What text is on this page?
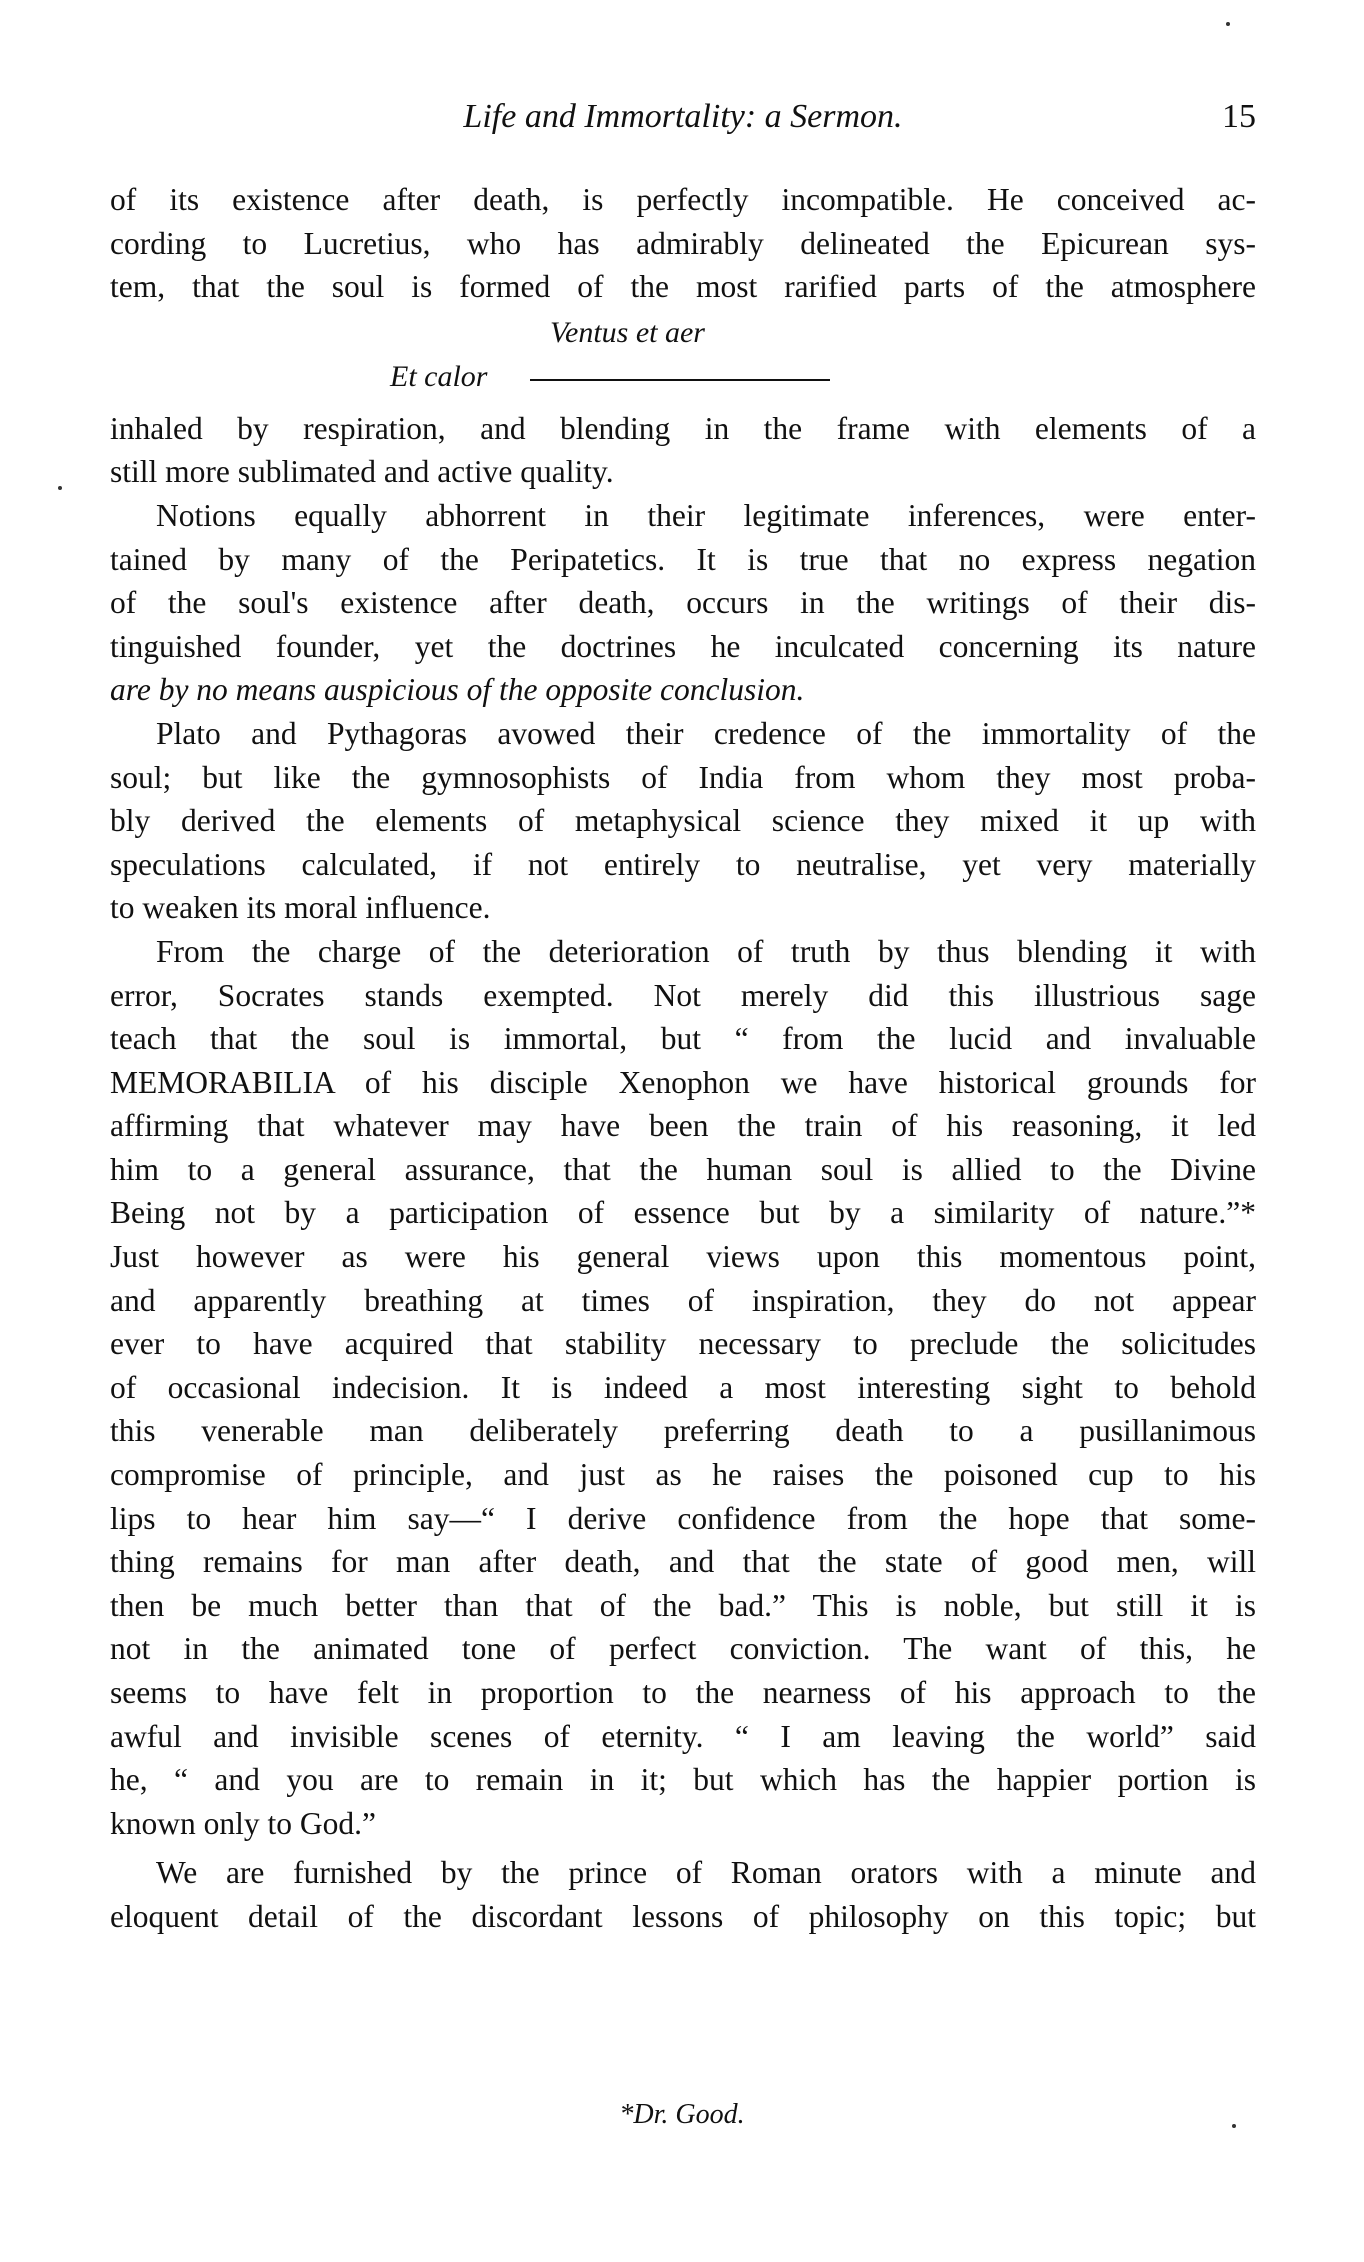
Life and Immortality: a Sermon.	15
of its existence after death, is perfectly incompatible. He conceived ac-
cording to Lucretius, who has admirably delineated the Epicurean sys-
tem, that the soul is formed of the most rarified parts of the atmosphere
Ventus et aer
Et calor
inhaled by respiration, and blending in the frame with elements of a
still more sublimated and active quality.
Notions equally abhorrent in their legitimate inferences, were enter-
tained by many of the Peripatetics. It is true that no express negation
of the soul's existence after death, occurs in the writings of their dis-
tinguished founder, yet the doctrines he inculcated concerning its nature
are by no means auspicious of the opposite conclusion.
Plato and Pythagoras avowed their credence of the immortality of the
soul; but like the gymnosophists of India from whom they most proba-
bly derived the elements of metaphysical science they mixed it up with
speculations calculated, if not entirely to neutralise, yet very materially
to weaken its moral influence.
From the charge of the deterioration of truth by thus blending it with
error, Socrates stands exempted. Not merely did this illustrious sage
teach that the soul is immortal, but “ from the lucid and invaluable
MEMORABILIA of his disciple Xenophon we have historical grounds for
affirming that whatever may have been the train of his reasoning, it led
him to a general assurance, that the human soul is allied to the Divine
Being not by a participation of essence but by a similarity of nature.”*
Just however as were his general views upon this momentous point,
and apparently breathing at times of inspiration, they do not appear
ever to have acquired that stability necessary to preclude the solicitudes
of occasional indecision. It is indeed a most interesting sight to behold
this venerable man deliberately preferring death to a pusillanimous
compromise of principle, and just as he raises the poisoned cup to his
lips to hear him say—“ I derive confidence from the hope that some-
thing remains for man after death, and that the state of good men, will
then be much better than that of the bad.” This is noble, but still it is
not in the animated tone of perfect conviction. The want of this, he
seems to have felt in proportion to the nearness of his approach to the
awful and invisible scenes of eternity. “ I am leaving the world” said
he, “ and you are to remain in it; but which has the happier portion is
known only to God.”
We are furnished by the prince of Roman orators with a minute and
eloquent detail of the discordant lessons of philosophy on this topic; but
*Dr. Good.
